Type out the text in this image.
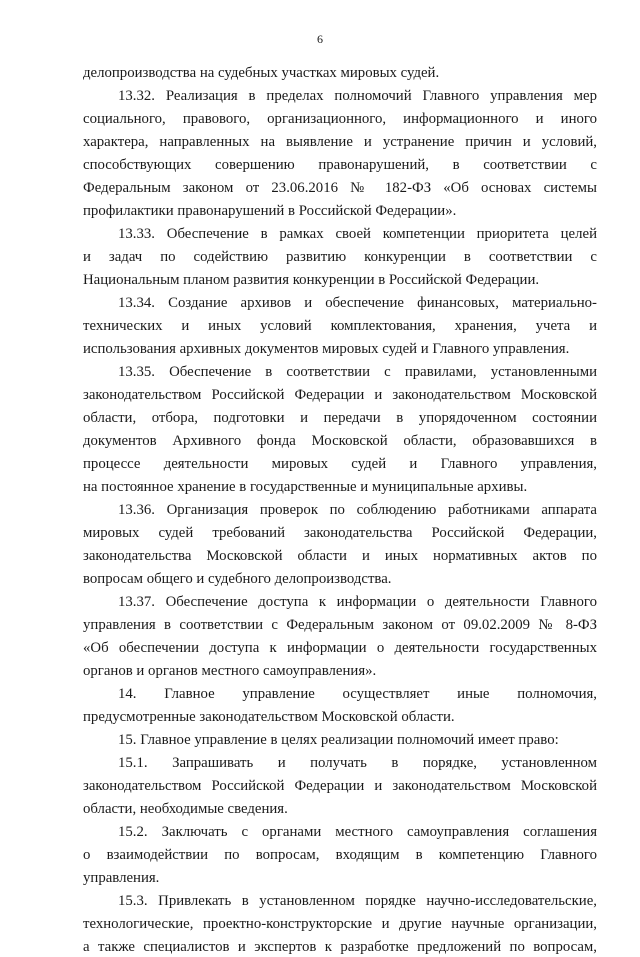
6
делопроизводства на судебных участках мировых судей.
13.32. Реализация в пределах полномочий Главного управления мер
социального, правового, организационного, информационного и иного
характера, направленных на выявление и устранение причин и условий,
способствующих совершению правонарушений, в соответствии с
Федеральным законом от 23.06.2016 № 182-ФЗ «Об основах системы
профилактики правонарушений в Российской Федерации».
13.33. Обеспечение в рамках своей компетенции приоритета целей
и задач по содействию развитию конкуренции в соответствии с
Национальным планом развития конкуренции в Российской Федерации.
13.34. Создание архивов и обеспечение финансовых, материально-
технических и иных условий комплектования, хранения, учета и
использования архивных документов мировых судей и Главного управления.
13.35. Обеспечение в соответствии с правилами, установленными
законодательством Российской Федерации и законодательством Московской
области, отбора, подготовки и передачи в упорядоченном состоянии
документов Архивного фонда Московской области, образовавшихся в
процессе деятельности мировых судей и Главного управления,
на постоянное хранение в государственные и муниципальные архивы.
13.36. Организация проверок по соблюдению работниками аппарата
мировых судей требований законодательства Российской Федерации,
законодательства Московской области и иных нормативных актов по
вопросам общего и судебного делопроизводства.
13.37. Обеспечение доступа к информации о деятельности Главного
управления в соответствии с Федеральным законом от 09.02.2009 № 8-ФЗ
«Об обеспечении доступа к информации о деятельности государственных
органов и органов местного самоуправления».
14. Главное управление осуществляет иные полномочия,
предусмотренные законодательством Московской области.
15. Главное управление в целях реализации полномочий имеет право:
15.1. Запрашивать и получать в порядке, установленном
законодательством Российской Федерации и законодательством Московской
области, необходимые сведения.
15.2. Заключать с органами местного самоуправления соглашения
о взаимодействии по вопросам, входящим в компетенцию Главного
управления.
15.3. Привлекать в установленном порядке научно-исследовательские,
технологические, проектно-конструкторские и другие научные организации,
а также специалистов и экспертов к разработке предложений по вопросам,
